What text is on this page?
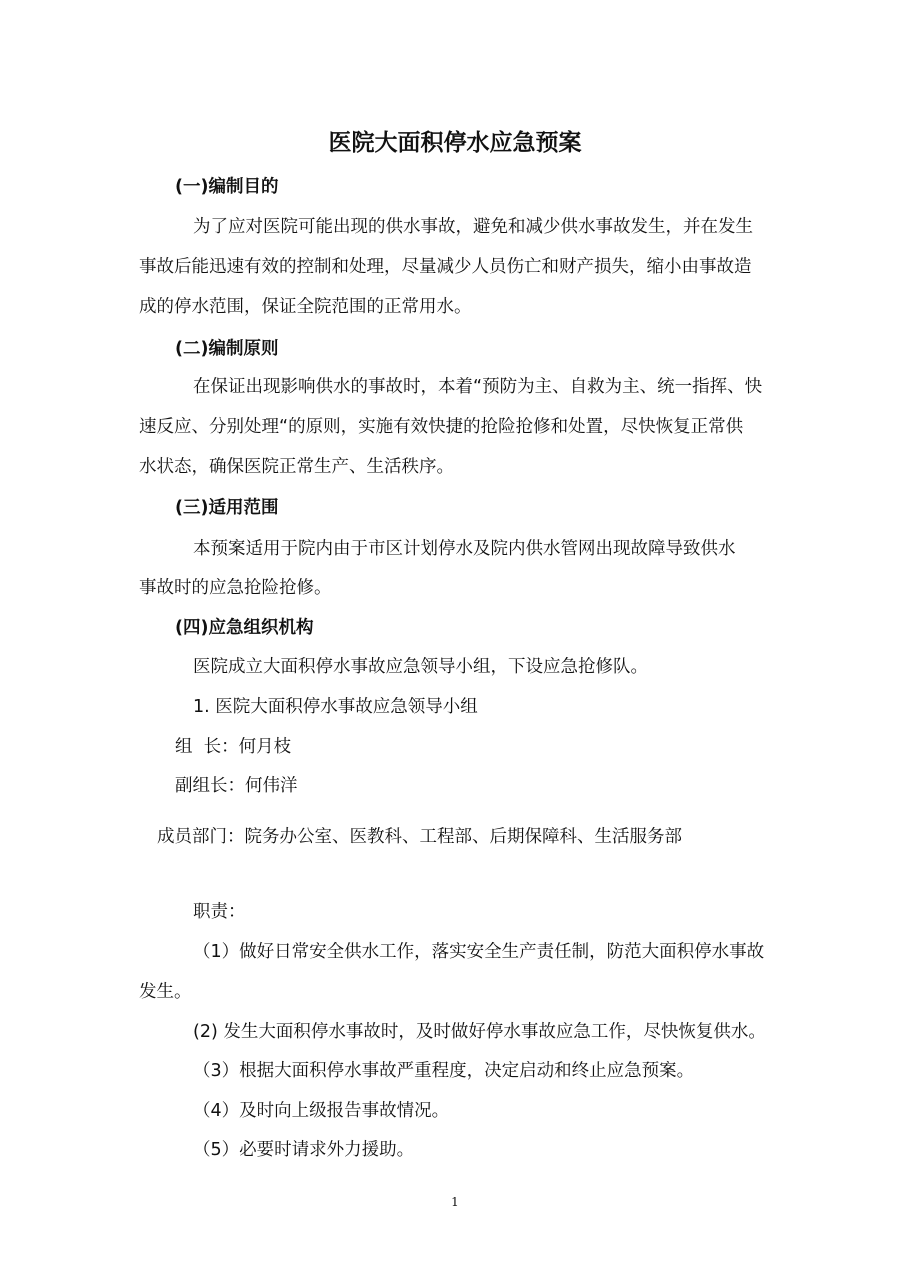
医院大面积停水应急预案
(一)编制目的
为了应对医院可能出现的供水事故，避免和减少供水事故发生，并在发生
事故后能迅速有效的控制和处理，尽量减少人员伤亡和财产损失，缩小由事故造
成的停水范围，保证全院范围的正常用水。
(二)编制原则
在保证出现影响供水的事故时，本着“预防为主、自救为主、统一指挥、快
速反应、分别处理“的原则，实施有效快捷的抢险抢修和处置，尽快恢复正常供
水状态，确保医院正常生产、生活秩序。
(三)适用范围
本预案适用于院内由于市区计划停水及院内供水管网出现故障导致供水
事故时的应急抢险抢修。
(四)应急组织机构
医院成立大面积停水事故应急领导小组，下设应急抢修队。
1. 医院大面积停水事故应急领导小组
组  长：何月枝
副组长：何伟洋
成员部门：院务办公室、医教科、工程部、后期保障科、生活服务部
职责：
（1）做好日常安全供水工作，落实安全生产责任制，防范大面积停水事故
发生。
(2) 发生大面积停水事故时，及时做好停水事故应急工作，尽快恢复供水。
（3）根据大面积停水事故严重程度，决定启动和终止应急预案。
（4）及时向上级报告事故情况。
（5）必要时请求外力援助。
1
